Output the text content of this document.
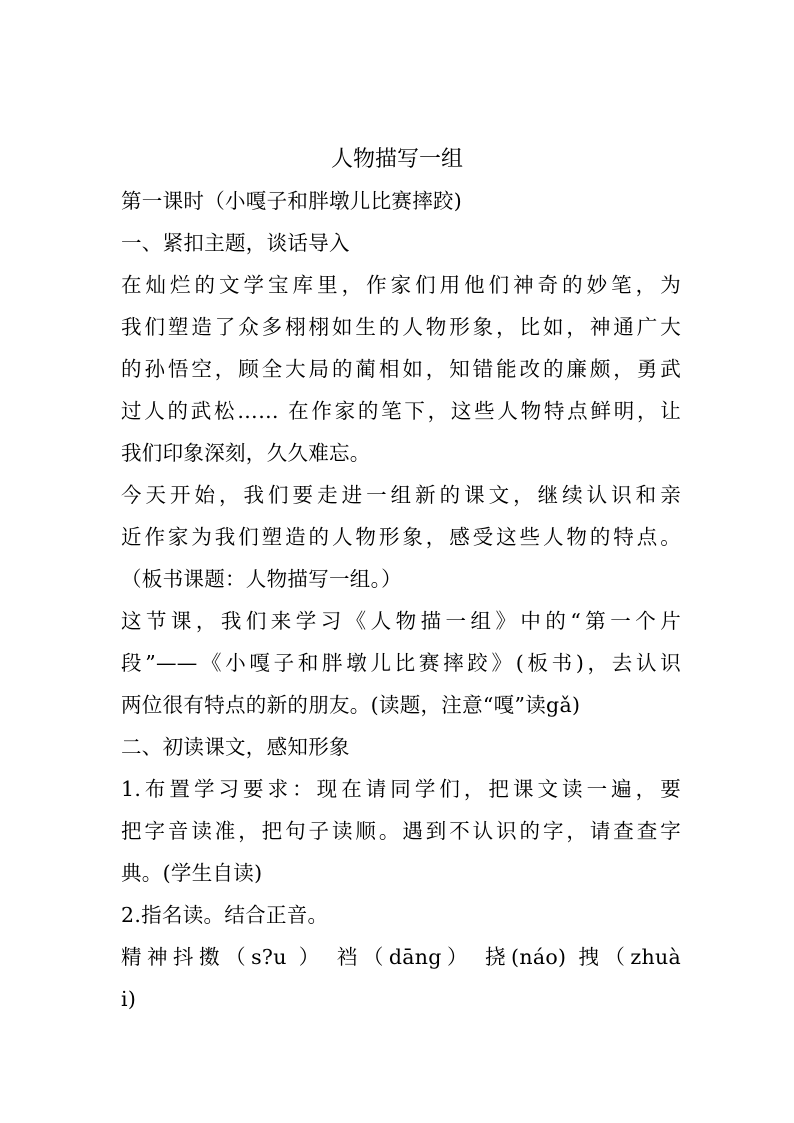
人物描写一组
第一课时（小嘎子和胖墩儿比赛摔跤)
一、紧扣主题，谈话导入
在灿烂的文学宝库里，作家们用他们神奇的妙笔，为
我们塑造了众多栩栩如生的人物形象，比如，神通广大
的孙悟空，顾全大局的蔺相如，知错能改的廉颇，勇武
过人的武松…… 在作家的笔下，这些人物特点鲜明，让
我们印象深刻，久久难忘。
今天开始，我们要走进一组新的课文，继续认识和亲
近作家为我们塑造的人物形象，感受这些人物的特点。
（板书课题：人物描写一组。）
这节课，我们来学习《人物描一组》中的“第一个片
段”——《小嘎子和胖墩儿比赛摔跤》(板书)，去认识
两位很有特点的新的朋友。(读题，注意“嘎”读gǎ)
二、初读课文，感知形象
1.布置学习要求：现在请同学们，把课文读一遍，要
把字音读准，把句子读顺。遇到不认识的字，请查查字
典。(学生自读)
2.指名读。结合正音。
精神抖擞（s?u ） 裆（dāng） 挠(náo) 拽（zhuà
i)
